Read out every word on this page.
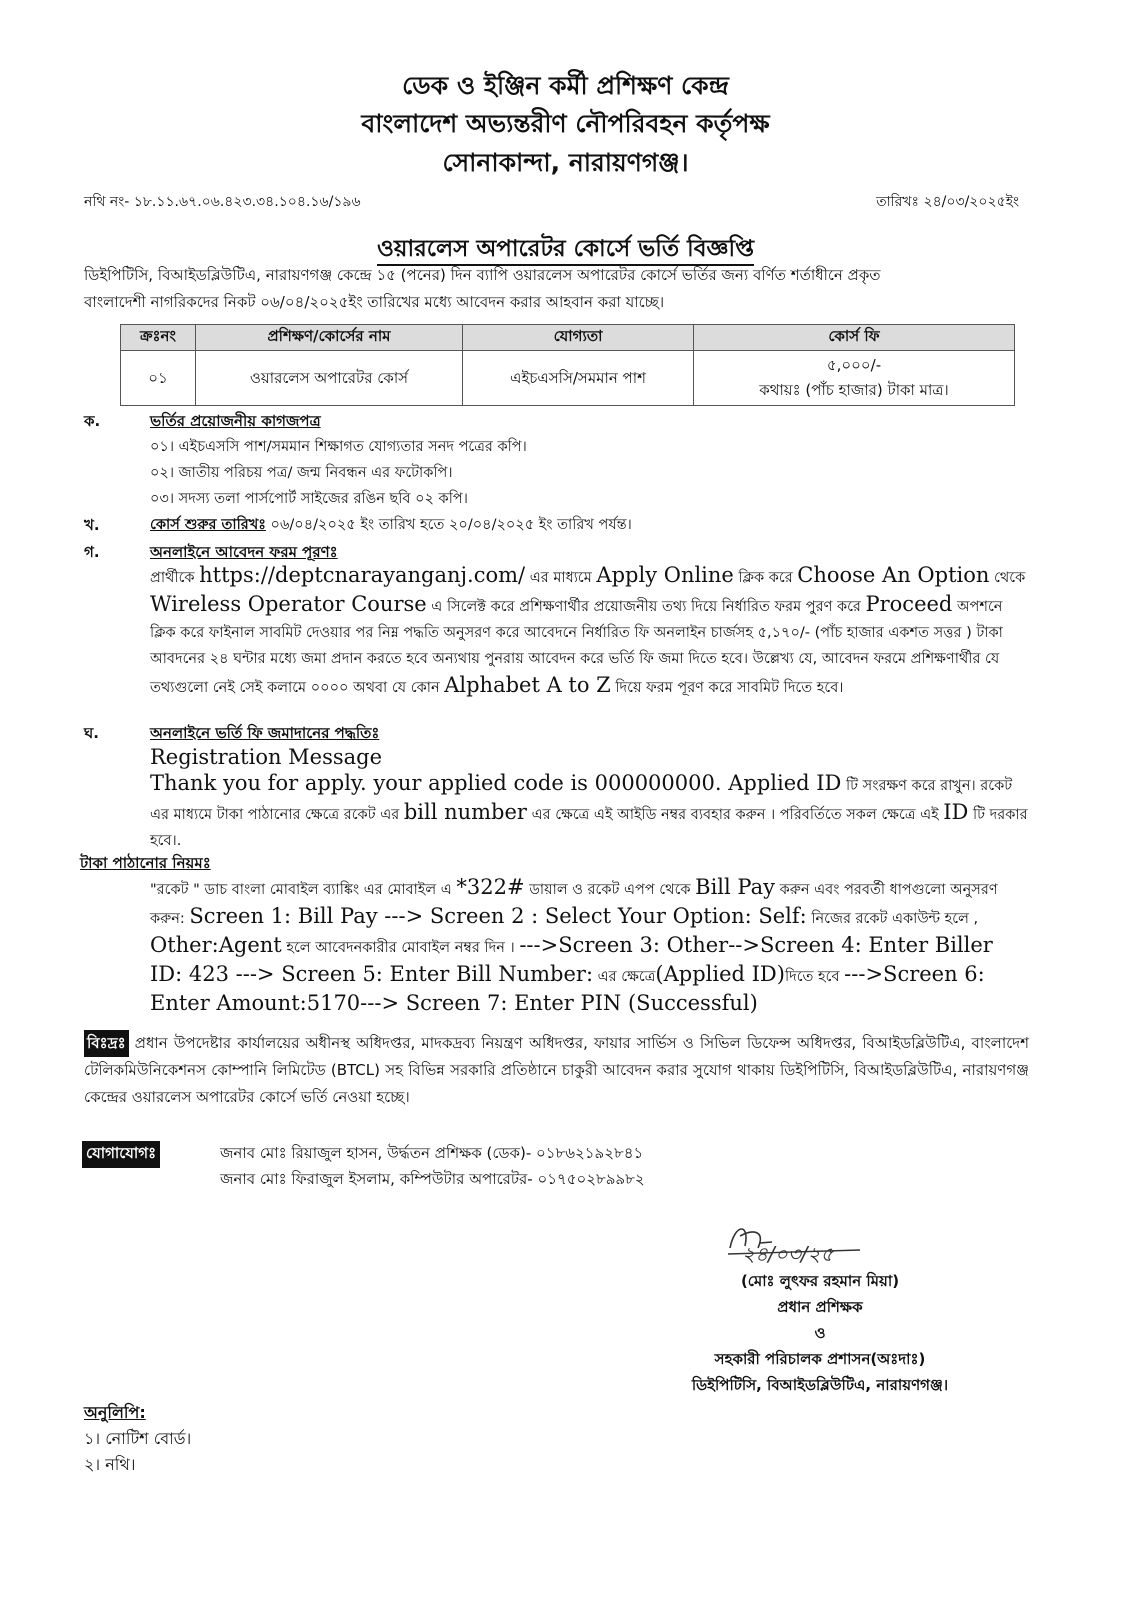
ডেক ও ইঞ্জিন কর্মী প্রশিক্ষণ কেন্দ্র
বাংলাদেশ অভ্যন্তরীণ নৌপরিবহন কর্তৃপক্ষ
সোনাকান্দা, নারায়ণগঞ্জ।
নথি নং- ১৮.১১.৬৭.০৬.৪২৩.৩৪.১০৪.১৬/১৯৬	তারিখঃ ২৪/০৩/২০২৫ইং
ওয়ারলেস অপারেটর কোর্সে ভর্তি বিজ্ঞপ্তি
ডিইপিটিসি, বিআইডব্লিউটিএ, নারায়ণগঞ্জ কেন্দ্রে ১৫ (পনের) দিন ব্যাপি ওয়ারলেস অপারেটর কোর্সে ভর্তির জন্য বর্ণিত শর্তাধীনে প্রকৃত
বাংলাদেশী নাগরিকদের নিকট ০৬/০৪/২০২৫ইং তারিখের মধ্যে আবেদন করার আহবান করা যাচ্ছে।
ক্রঃনং	প্রশিক্ষণ/কোর্সের নাম	যোগ্যতা	কোর্স ফি
০১	ওয়ারলেস অপারেটর কোর্স	এইচএসসি/সমমান পাশ	৫,০০০/-
কথায়ঃ (পাঁচ হাজার) টাকা মাত্র।
ক.	ভর্তির প্রয়োজনীয় কাগজপত্র
০১। এইচএসসি পাশ/সমমান শিক্ষাগত যোগ্যতার সনদ পত্রের কপি।
০২। জাতীয় পরিচয় পত্র/ জন্ম নিবন্ধন এর ফটোকপি।
০৩। সদস্য তলা পার্সপোর্ট সাইজের রঙিন ছবি ০২ কপি।
খ.	কোর্স শুরুর তারিখঃ ০৬/০৪/২০২৫ ইং তারিখ হতে ২০/০৪/২০২৫ ইং তারিখ পর্যন্ত।
গ.	অনলাইনে আবেদন ফরম পূরণঃ
প্রার্থীকে https://deptcnarayanganj.com/ এর মাধ্যমে Apply Online ক্লিক করে Choose An Option থেকে Wireless Operator Course এ সিলেক্ট করে প্রশিক্ষণার্থীর প্রয়োজনীয় তথ্য দিয়ে নির্ধারিত ফরম পুরণ করে Proceed অপশনে ক্লিক করে ফাইনাল সাবমিট দেওয়ার পর নিম্ন পদ্ধতি অনুসরণ করে আবেদনে নির্ধারিত ফি অনলাইন চার্জসহ ৫,১৭০/- (পাঁচ হাজার একশত সত্তর ) টাকা আবদনের ২৪ ঘন্টার মধ্যে জমা প্রদান করতে হবে অন্যথায় পুনরায় আবেদন করে ভর্তি ফি জমা দিতে হবে। উল্লেখ্য যে, আবেদন ফরমে প্রশিক্ষণার্থীর যে তথ্যগুলো নেই সেই কলামে ০০০০ অথবা যে কোন Alphabet A to Z দিয়ে ফরম পূরণ করে সাবমিট দিতে হবে।
ঘ.	অনলাইনে ভর্তি ফি জমাদানের পদ্ধতিঃ
Registration Message
Thank you for apply. your applied code is 000000000. Applied ID টি সংরক্ষণ করে রাখুন। রকেট এর মাধ্যমে টাকা পাঠানোর ক্ষেত্রে রকেট এর bill number এর ক্ষেত্রে এই আইডি নম্বর ব্যবহার করুন । পরিবর্তিতে সকল ক্ষেত্রে এই ID টি দরকার হবে।.
টাকা পাঠানোর নিয়মঃ
"রকেট " ডাচ বাংলা মোবাইল ব্যাঙ্কিং এর মোবাইল এ *322# ডায়াল ও রকেট এপপ থেকে Bill Pay করুন এবং পরবর্তী ধাপগুলো অনুসরণ করুন: Screen 1: Bill Pay ---> Screen 2 : Select Your Option: Self: নিজের রকেট একাউন্ট হলে , Other:Agent হলে আবেদনকারীর মোবাইল নম্বর দিন । --->Screen 3: Other-->Screen 4: Enter Biller ID: 423 ---> Screen 5: Enter Bill Number: এর ক্ষেত্রে(Applied ID)দিতে হবে --->Screen 6: Enter Amount:5170---> Screen 7: Enter PIN (Successful)
বিঃদ্রঃ প্রধান উপদেষ্টার কার্যালয়ের অধীনস্থ অধিদপ্তর, মাদকদ্রব্য নিয়ন্ত্রণ অধিদপ্তর, ফায়ার সার্ভিস ও সিভিল ডিফেন্স অধিদপ্তর, বিআইডব্লিউটিএ, বাংলাদেশ টেলিকমিউনিকেশনস কোম্পানি লিমিটেড (BTCL) সহ বিভিন্ন সরকারি প্রতিষ্ঠানে চাকুরী আবেদন করার সুযোগ থাকায় ডিইপিটিসি, বিআইডব্লিউটিএ, নারায়ণগঞ্জ কেন্দ্রের ওয়ারলেস অপারেটর কোর্সে ভর্তি নেওয়া হচ্ছে।
যোগাযোগঃ	জনাব মোঃ রিয়াজুল হাসন, উর্দ্ধতন প্রশিক্ষক (ডেক)- ০১৮৬২১৯২৮৪১
জনাব মোঃ ফিরাজুল ইসলাম, কম্পিউটার অপারেটর- ০১৭৫০২৮৯৯৮২
২৪/০৩/২৫
(মোঃ লুৎফর রহমান মিয়া)
প্রধান প্রশিক্ষক
ও
সহকারী পরিচালক প্রশাসন(অঃদাঃ)
ডিইপিটিসি, বিআইডব্লিউটিএ, নারায়ণগঞ্জ।
অনুলিপি:
১। নোটিশ বোর্ড।
২। নথি।
